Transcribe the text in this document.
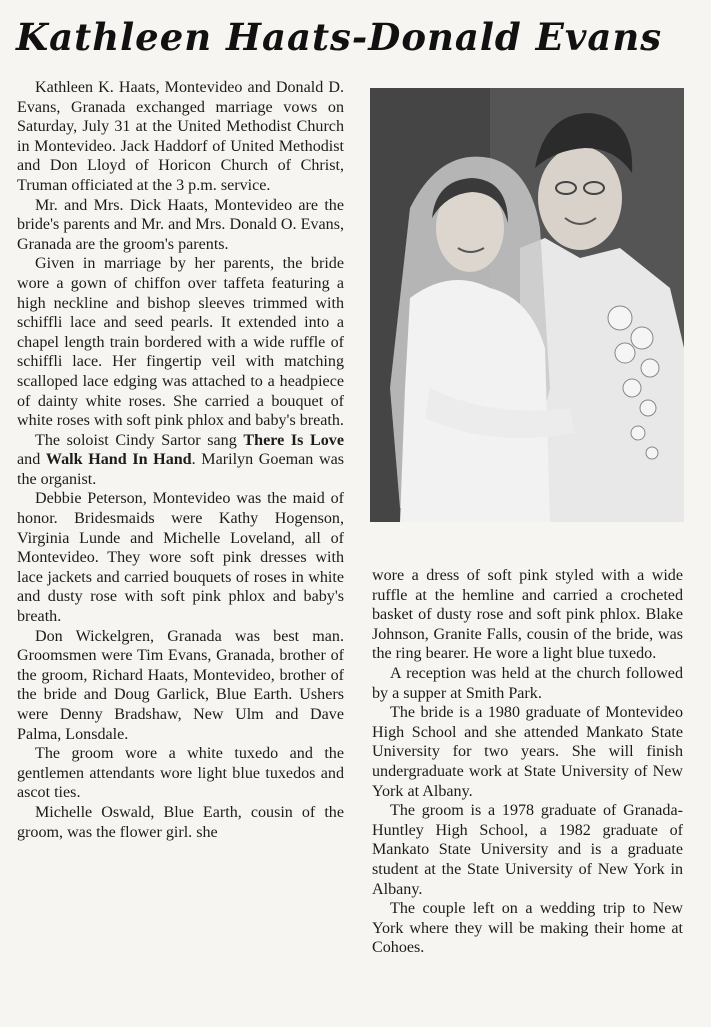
Kathleen Haats-Donald Evans

Kathleen K. Haats, Montevideo and Donald D. Evans, Granada exchanged marriage vows on Saturday, July 31 at the United Methodist Church in Montevideo. Jack Haddorf of United Methodist and Don Lloyd of Horicon Church of Christ, Truman officiated at the 3 p.m. service.

Mr. and Mrs. Dick Haats, Montevideo are the bride's parents and Mr. and Mrs. Donald O. Evans, Granada are the groom's parents.

Given in marriage by her parents, the bride wore a gown of chiffon over taffeta featuring a high neckline and bishop sleeves trimmed with schiffli lace and seed pearls. It extended into a chapel length train bordered with a wide ruffle of schiffli lace. Her fingertip veil with matching scalloped lace edging was attached to a headpiece of dainty white roses. She carried a bouquet of white roses with soft pink phlox and baby's breath.

The soloist Cindy Sartor sang There Is Love and Walk Hand In Hand. Marilyn Goeman was the organist.

Debbie Peterson, Montevideo was the maid of honor. Bridesmaids were Kathy Hogenson, Virginia Lunde and Michelle Loveland, all of Montevideo. They wore soft pink dresses with lace jackets and carried bouquets of roses in white and dusty rose with soft pink phlox and baby's breath.

Don Wickelgren, Granada was best man. Groomsmen were Tim Evans, Granada, brother of the groom, Richard Haats, Montevideo, brother of the bride and Doug Garlick, Blue Earth. Ushers were Denny Bradshaw, New Ulm and Dave Palma, Lonsdale.

The groom wore a white tuxedo and the gentlemen attendants wore light blue tuxedos and ascot ties.

Michelle Oswald, Blue Earth, cousin of the groom, was the flower girl. she

wore a dress of soft pink styled with a wide ruffle at the hemline and carried a crocheted basket of dusty rose and soft pink phlox. Blake Johnson, Granite Falls, cousin of the bride, was the ring bearer. He wore a light blue tuxedo.

A reception was held at the church followed by a supper at Smith Park.

The bride is a 1980 graduate of Montevideo High School and she attended Mankato State University for two years. She will finish undergraduate work at State University of New York at Albany.

The groom is a 1978 graduate of Granada-Huntley High School, a 1982 graduate of Mankato State University and is a graduate student at the State University of New York in Albany.

The couple left on a wedding trip to New York where they will be making their home at Cohoes.
